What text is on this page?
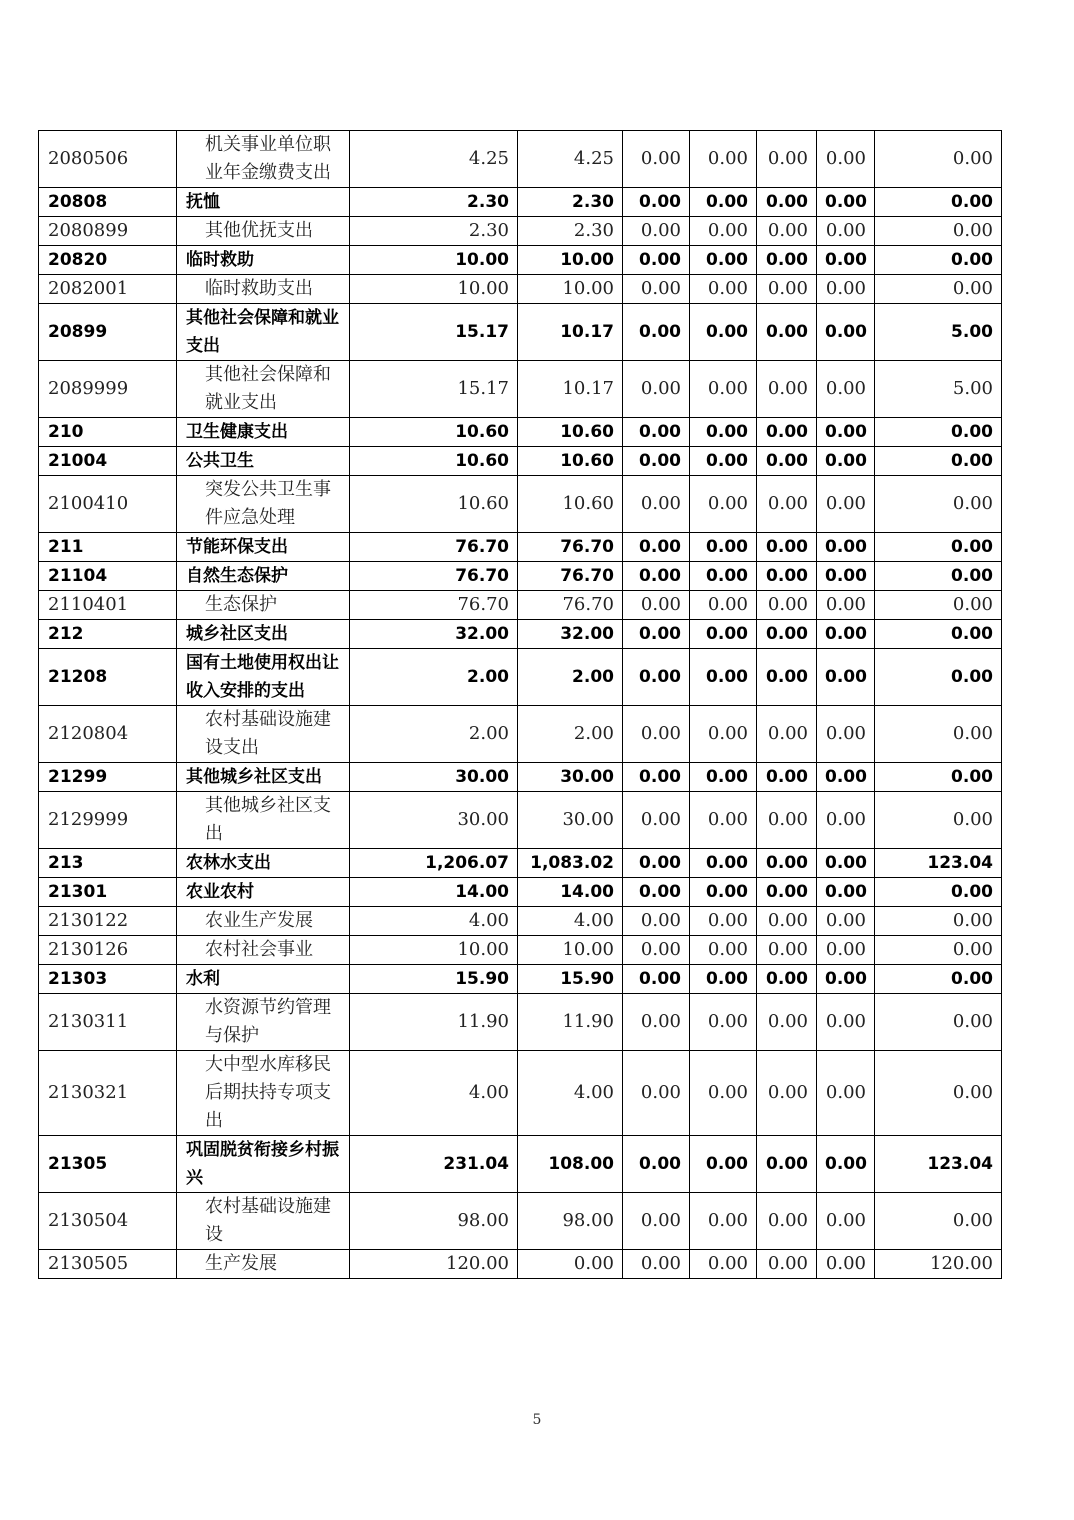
2080506	机关事业单位职业年金缴费支出	4.25	4.25	0.00	0.00	0.00	0.00	0.00
20808	抚恤	2.30	2.30	0.00	0.00	0.00	0.00	0.00
2080899	其他优抚支出	2.30	2.30	0.00	0.00	0.00	0.00	0.00
20820	临时救助	10.00	10.00	0.00	0.00	0.00	0.00	0.00
2082001	临时救助支出	10.00	10.00	0.00	0.00	0.00	0.00	0.00
20899	其他社会保障和就业支出	15.17	10.17	0.00	0.00	0.00	0.00	5.00
2089999	其他社会保障和就业支出	15.17	10.17	0.00	0.00	0.00	0.00	5.00
210	卫生健康支出	10.60	10.60	0.00	0.00	0.00	0.00	0.00
21004	公共卫生	10.60	10.60	0.00	0.00	0.00	0.00	0.00
2100410	突发公共卫生事件应急处理	10.60	10.60	0.00	0.00	0.00	0.00	0.00
211	节能环保支出	76.70	76.70	0.00	0.00	0.00	0.00	0.00
21104	自然生态保护	76.70	76.70	0.00	0.00	0.00	0.00	0.00
2110401	生态保护	76.70	76.70	0.00	0.00	0.00	0.00	0.00
212	城乡社区支出	32.00	32.00	0.00	0.00	0.00	0.00	0.00
21208	国有土地使用权出让收入安排的支出	2.00	2.00	0.00	0.00	0.00	0.00	0.00
2120804	农村基础设施建设支出	2.00	2.00	0.00	0.00	0.00	0.00	0.00
21299	其他城乡社区支出	30.00	30.00	0.00	0.00	0.00	0.00	0.00
2129999	其他城乡社区支出	30.00	30.00	0.00	0.00	0.00	0.00	0.00
213	农林水支出	1,206.07	1,083.02	0.00	0.00	0.00	0.00	123.04
21301	农业农村	14.00	14.00	0.00	0.00	0.00	0.00	0.00
2130122	农业生产发展	4.00	4.00	0.00	0.00	0.00	0.00	0.00
2130126	农村社会事业	10.00	10.00	0.00	0.00	0.00	0.00	0.00
21303	水利	15.90	15.90	0.00	0.00	0.00	0.00	0.00
2130311	水资源节约管理与保护	11.90	11.90	0.00	0.00	0.00	0.00	0.00
2130321	大中型水库移民后期扶持专项支出	4.00	4.00	0.00	0.00	0.00	0.00	0.00
21305	巩固脱贫衔接乡村振兴	231.04	108.00	0.00	0.00	0.00	0.00	123.04
2130504	农村基础设施建设	98.00	98.00	0.00	0.00	0.00	0.00	0.00
2130505	生产发展	120.00	0.00	0.00	0.00	0.00	0.00	120.00
5
